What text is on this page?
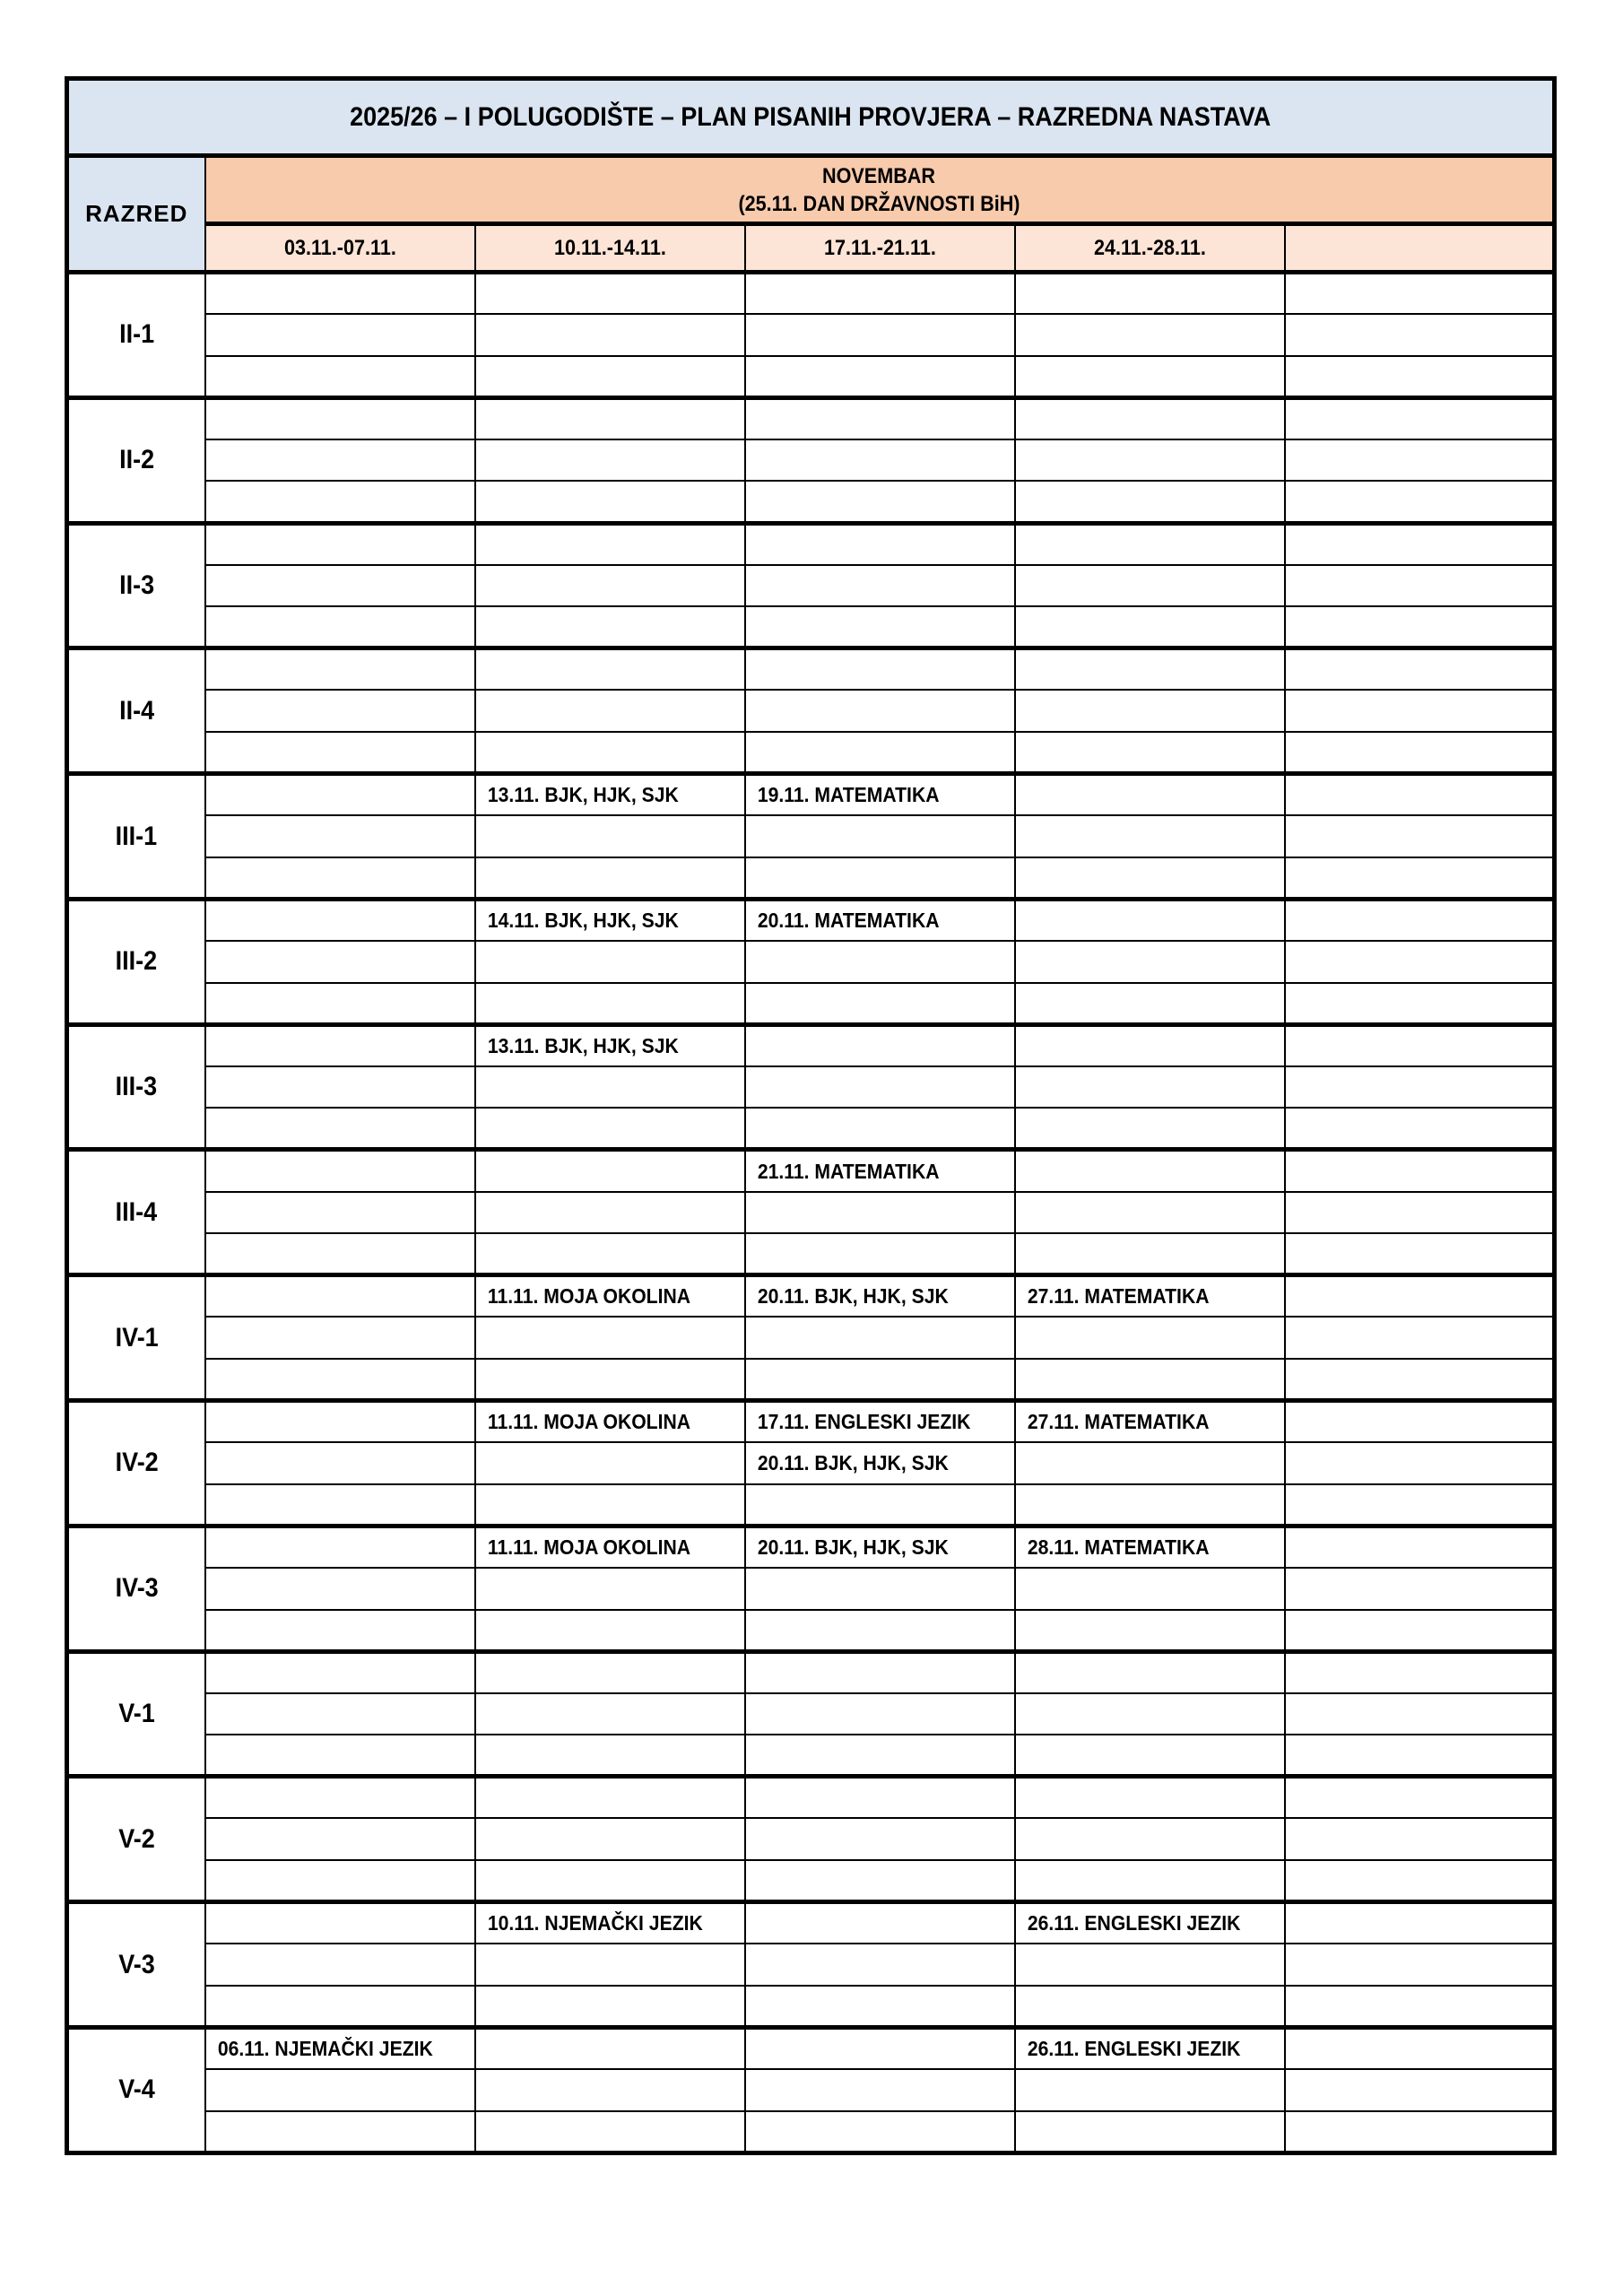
2025/26 – I POLUGODIŠTE – PLAN PISANIH PROVJERA – RAZREDNA NASTAVA					
RAZRED	NOVEMBAR
(25.11. DAN DRŽAVNOSTI BiH)				
	03.11.-07.11.	10.11.-14.11.	17.11.-21.11.	24.11.-28.11.	
II-1					

II-2					

II-3					

II-4					

III-1		13.11. BJK, HJK, SJK	19.11. MATEMATIKA		

III-2		14.11. BJK, HJK, SJK	20.11. MATEMATIKA		

III-3		13.11. BJK, HJK, SJK			

III-4			21.11. MATEMATIKA		

IV-1		11.11. MOJA OKOLINA	20.11. BJK, HJK, SJK	27.11. MATEMATIKA	

IV-2		11.11. MOJA OKOLINA	17.11. ENGLESKI JEZIK	27.11. MATEMATIKA	
			20.11. BJK, HJK, SJK		

IV-3		11.11. MOJA OKOLINA	20.11. BJK, HJK, SJK	28.11. MATEMATIKA	

V-1					

V-2					

V-3		10.11. NJEMAČKI JEZIK		26.11. ENGLESKI JEZIK	

V-4	06.11. NJEMAČKI JEZIK			26.11. ENGLESKI JEZIK	
